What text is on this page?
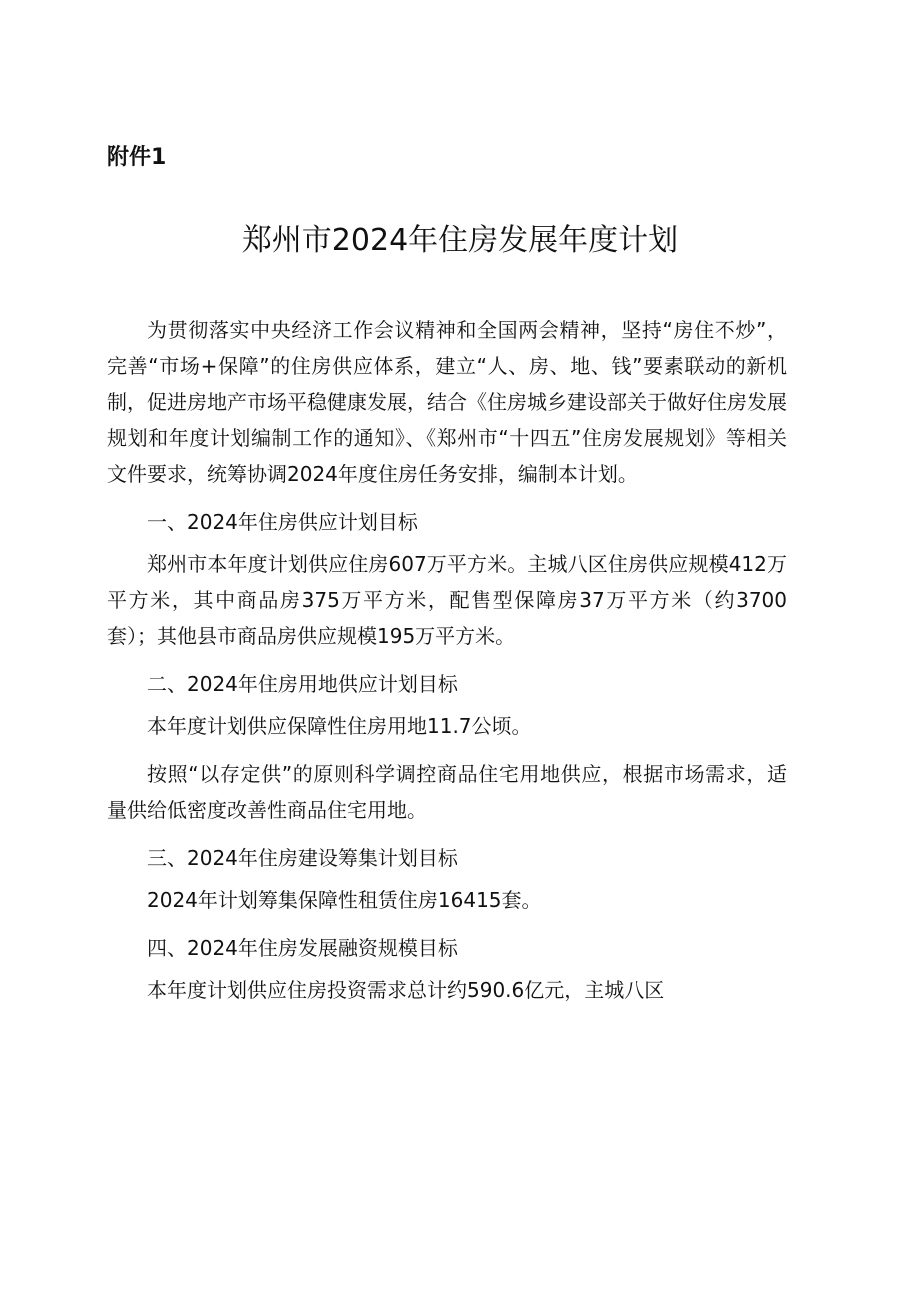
附件1
郑州市2024年住房发展年度计划

为贯彻落实中央经济工作会议精神和全国两会精神，坚持“房住不炒”，完善“市场+保障”的住房供应体系，建立“人、房、地、钱”要素联动的新机制，促进房地产市场平稳健康发展，结合《住房城乡建设部关于做好住房发展规划和年度计划编制工作的通知》、《郑州市“十四五”住房发展规划》等相关文件要求，统筹协调2024年度住房任务安排，编制本计划。

一、2024年住房供应计划目标

郑州市本年度计划供应住房607万平方米。主城八区住房供应规模412万平方米，其中商品房375万平方米，配售型保障房37万平方米（约3700套）；其他县市商品房供应规模195万平方米。

二、2024年住房用地供应计划目标

本年度计划供应保障性住房用地11.7公顷。

按照“以存定供”的原则科学调控商品住宅用地供应，根据市场需求，适量供给低密度改善性商品住宅用地。

三、2024年住房建设筹集计划目标

2024年计划筹集保障性租赁住房16415套。

四、2024年住房发展融资规模目标

本年度计划供应住房投资需求总计约590.6亿元，主城八区
